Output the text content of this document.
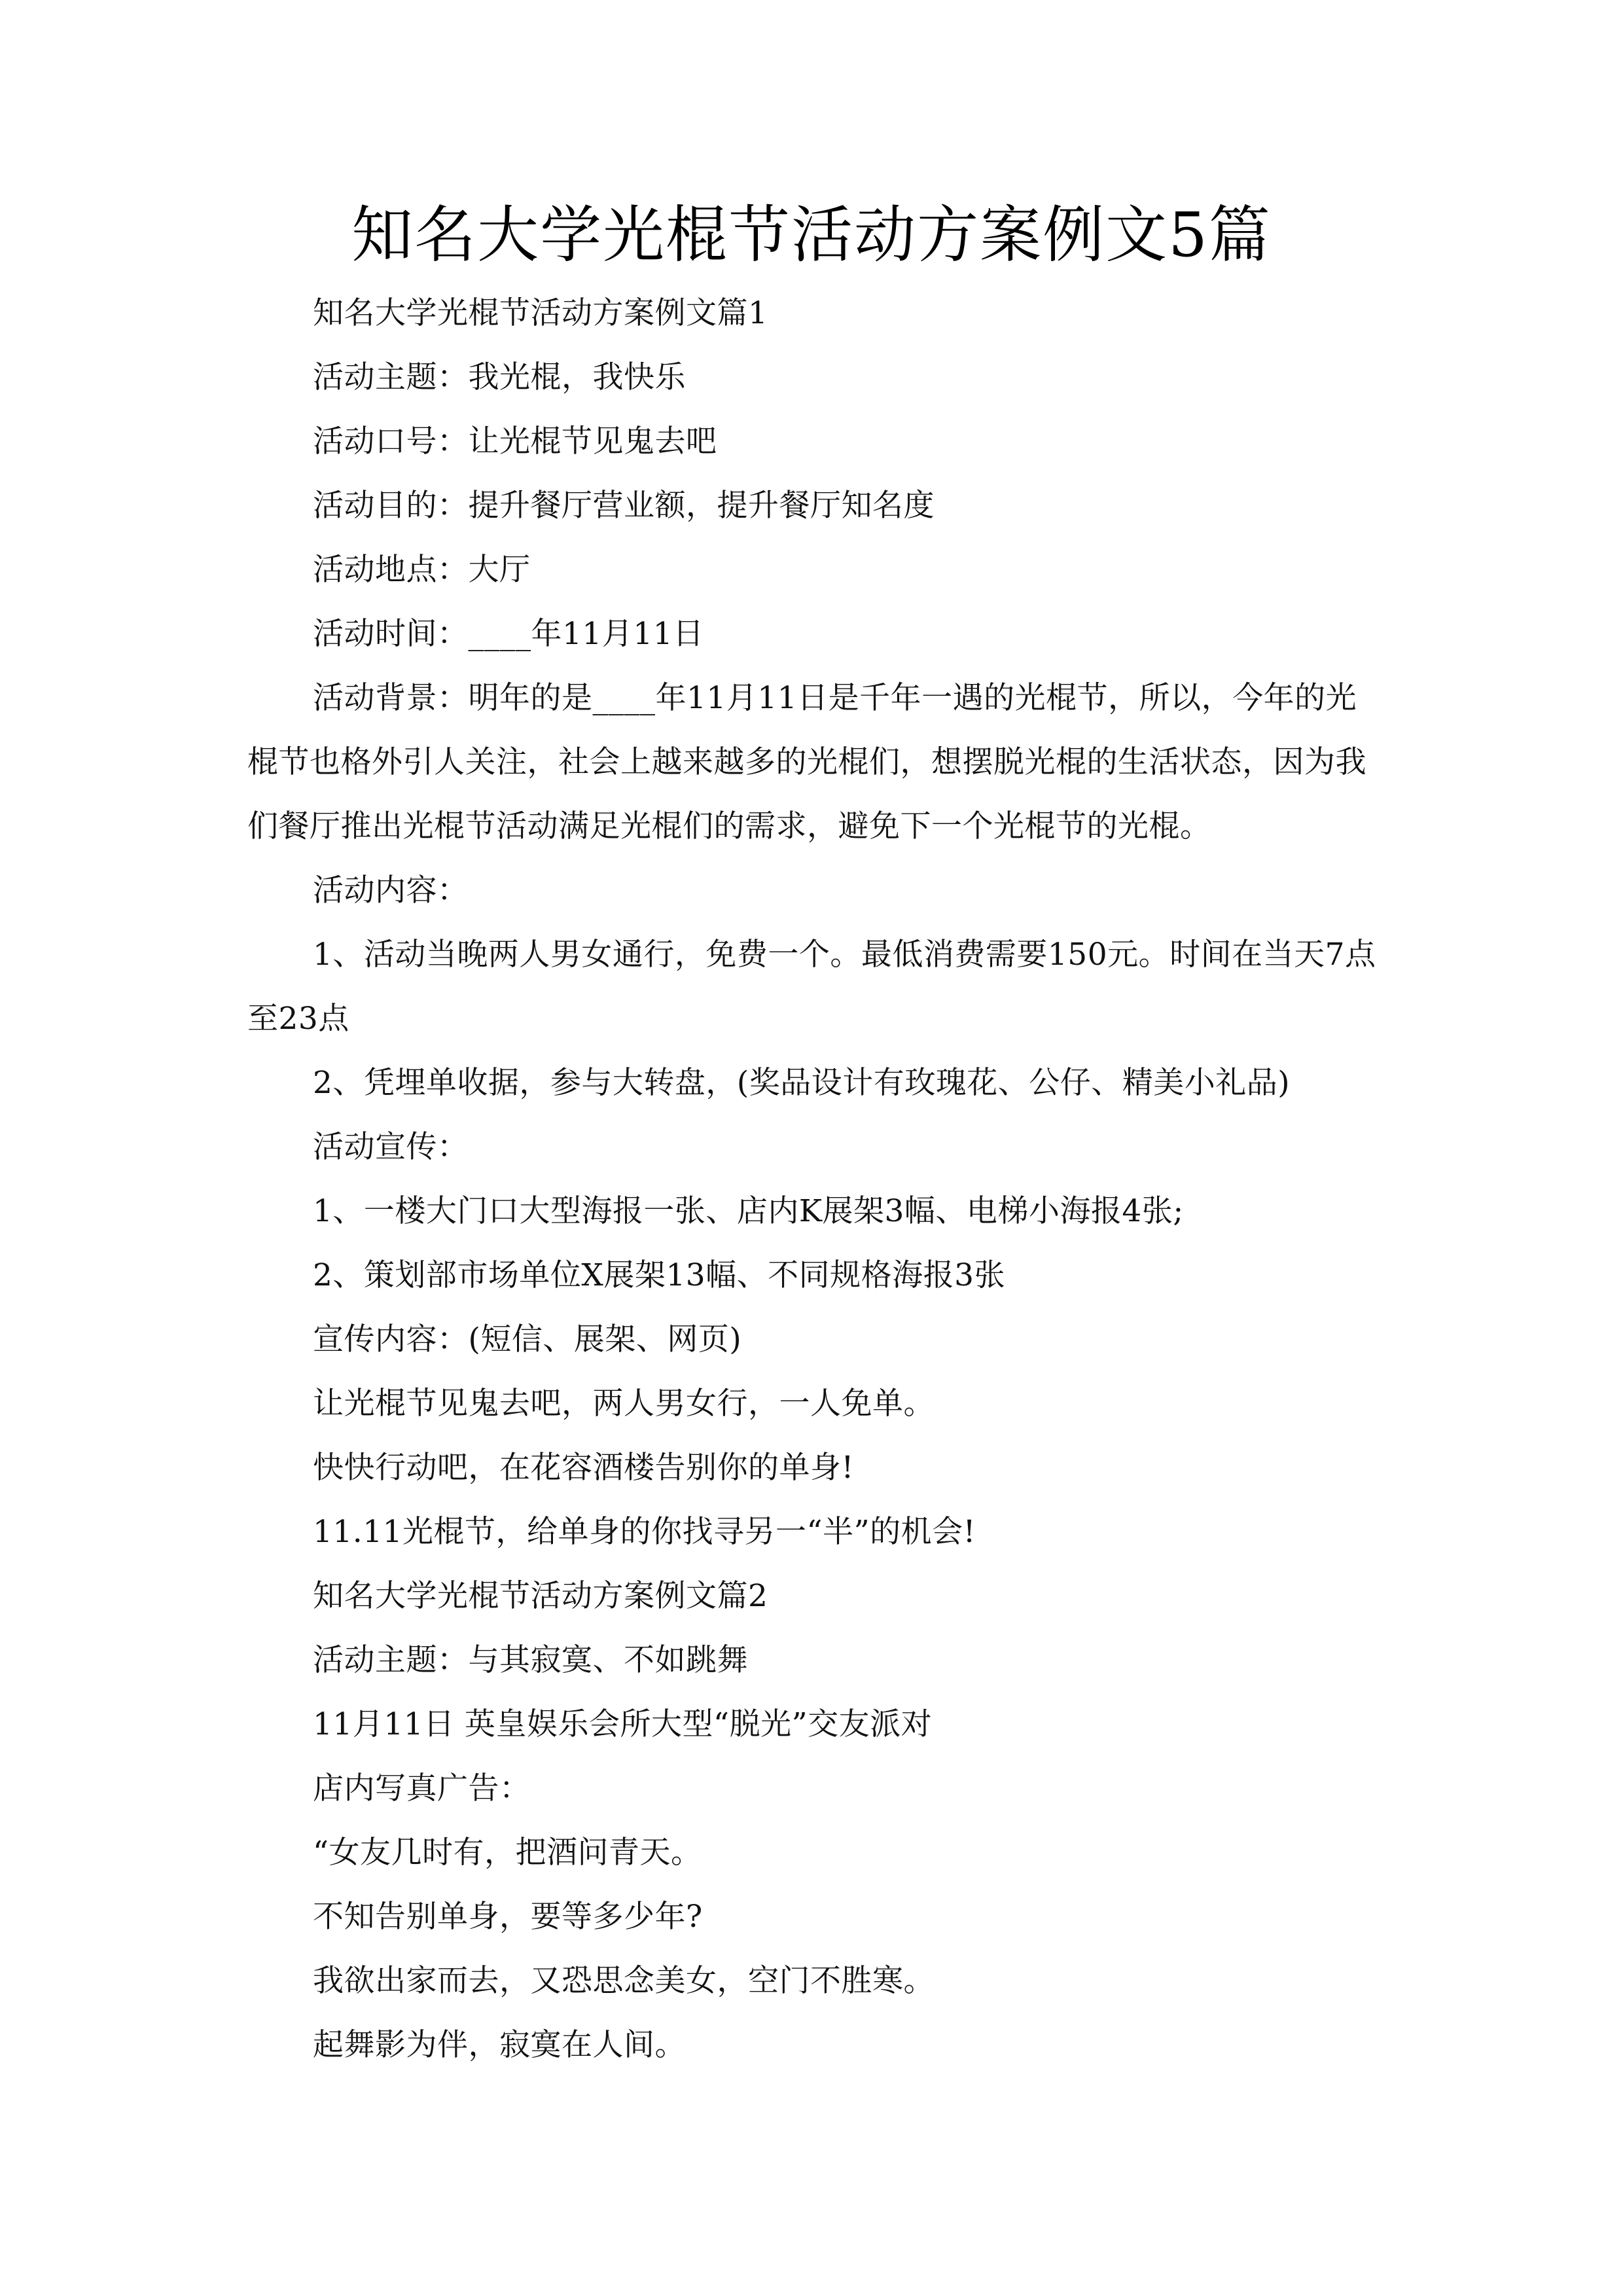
知名大学光棍节活动方案例文5篇

知名大学光棍节活动方案例文篇1

活动主题：我光棍，我快乐

活动口号：让光棍节见鬼去吧

活动目的：提升餐厅营业额，提升餐厅知名度

活动地点：大厅

活动时间：____年11月11日

活动背景：明年的是____年11月11日是千年一遇的光棍节，所以，今年的光棍节也格外引人关注，社会上越来越多的光棍们，想摆脱光棍的生活状态，因为我们餐厅推出光棍节活动满足光棍们的需求，避免下一个光棍节的光棍。

活动内容：

1、活动当晚两人男女通行，免费一个。最低消费需要150元。时间在当天7点至23点

2、凭埋单收据，参与大转盘，(奖品设计有玫瑰花、公仔、精美小礼品)

活动宣传：

1、一楼大门口大型海报一张、店内K展架3幅、电梯小海报4张;

2、策划部市场单位X展架13幅、不同规格海报3张

宣传内容：(短信、展架、网页)

让光棍节见鬼去吧，两人男女行，一人免单。

快快行动吧，在花容酒楼告别你的单身!

11.11光棍节，给单身的你找寻另一“半”的机会!

知名大学光棍节活动方案例文篇2

活动主题：与其寂寞、不如跳舞

11月11日 英皇娱乐会所大型“脱光”交友派对

店内写真广告：

“女友几时有，把酒问青天。

不知告别单身，要等多少年?

我欲出家而去，又恐思念美女，空门不胜寒。

起舞影为伴，寂寞在人间。
